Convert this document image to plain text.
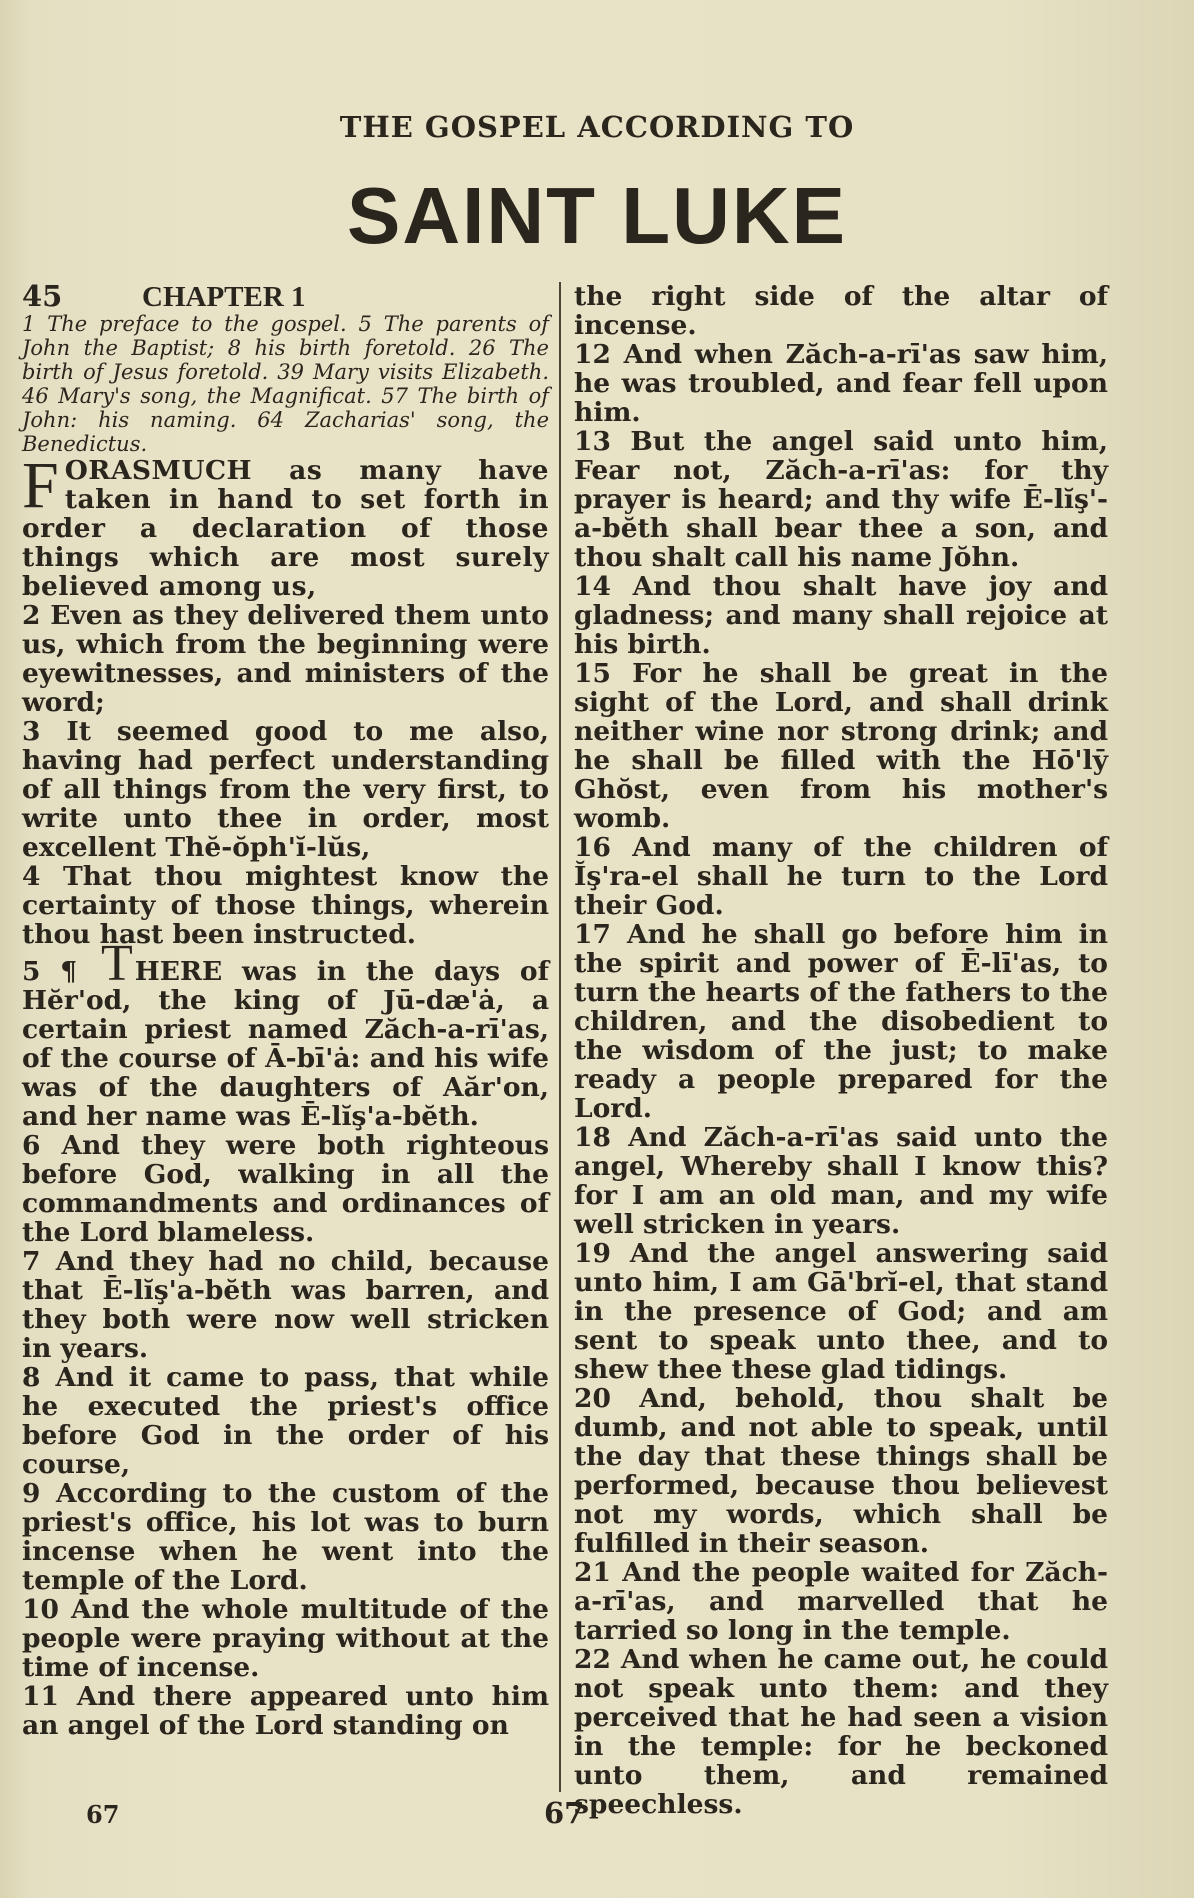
THE GOSPEL ACCORDING TO
SAINT LUKE
45	CHAPTER 1

1 The preface to the gospel. 5 The parents of John the Baptist; 8 his birth foretold. 26 The birth of Jesus foretold. 39 Mary visits Elizabeth. 46 Mary's song, the Magnificat. 57 The birth of John: his naming. 64 Zacharias' song, the Benedictus.

F ORASMUCH as many have taken in hand to set forth in order a declaration of those things which are most surely believed among us,

2 Even as they delivered them unto us, which from the beginning were eyewitnesses, and ministers of the word;

3 It seemed good to me also, having had perfect understanding of all things from the very first, to write unto thee in order, most excellent Thĕ-ŏph'ĭ-lŭs,

4 That thou mightest know the certainty of those things, wherein thou hast been instructed.

5 ¶ THERE was in the days of Hĕr'od, the king of Jū-dæ'ȧ, a certain priest named Zăch-a-rī'as, of the course of Ā-bī'ȧ: and his wife was of the daughters of Aăr'on, and her name was Ē-lĭş'a-bĕth.

6 And they were both righteous before God, walking in all the commandments and ordinances of the Lord blameless.

7 And they had no child, because that Ē-lĭş'a-bĕth was barren, and they both were now well stricken in years.

8 And it came to pass, that while he executed the priest's office before God in the order of his course,

9 According to the custom of the priest's office, his lot was to burn incense when he went into the temple of the Lord.

10 And the whole multitude of the people were praying without at the time of incense.

11 And there appeared unto him an angel of the Lord standing on

the right side of the altar of incense.

12 And when Zăch-a-rī'as saw him, he was troubled, and fear fell upon him.

13 But the angel said unto him, Fear not, Zăch-a-rī'as: for thy prayer is heard; and thy wife Ē-lĭş'-a-bĕth shall bear thee a son, and thou shalt call his name Jŏhn.

14 And thou shalt have joy and gladness; and many shall rejoice at his birth.

15 For he shall be great in the sight of the Lord, and shall drink neither wine nor strong drink; and he shall be filled with the Hō'lȳ Ghŏst, even from his mother's womb.

16 And many of the children of Ĭş'ra-el shall he turn to the Lord their God.

17 And he shall go before him in the spirit and power of Ē-lī'as, to turn the hearts of the fathers to the children, and the disobedient to the wisdom of the just; to make ready a people prepared for the Lord.

18 And Zăch-a-rī'as said unto the angel, Whereby shall I know this? for I am an old man, and my wife well stricken in years.

19 And the angel answering said unto him, I am Gā'brĭ-el, that stand in the presence of God; and am sent to speak unto thee, and to shew thee these glad tidings.

20 And, behold, thou shalt be dumb, and not able to speak, until the day that these things shall be performed, because thou believest not my words, which shall be fulfilled in their season.

21 And the people waited for Zăch-a-rī'as, and marvelled that he tarried so long in the temple.

22 And when he came out, he could not speak unto them: and they perceived that he had seen a vision in the temple: for he beckoned unto them, and remained speechless.

67	67
